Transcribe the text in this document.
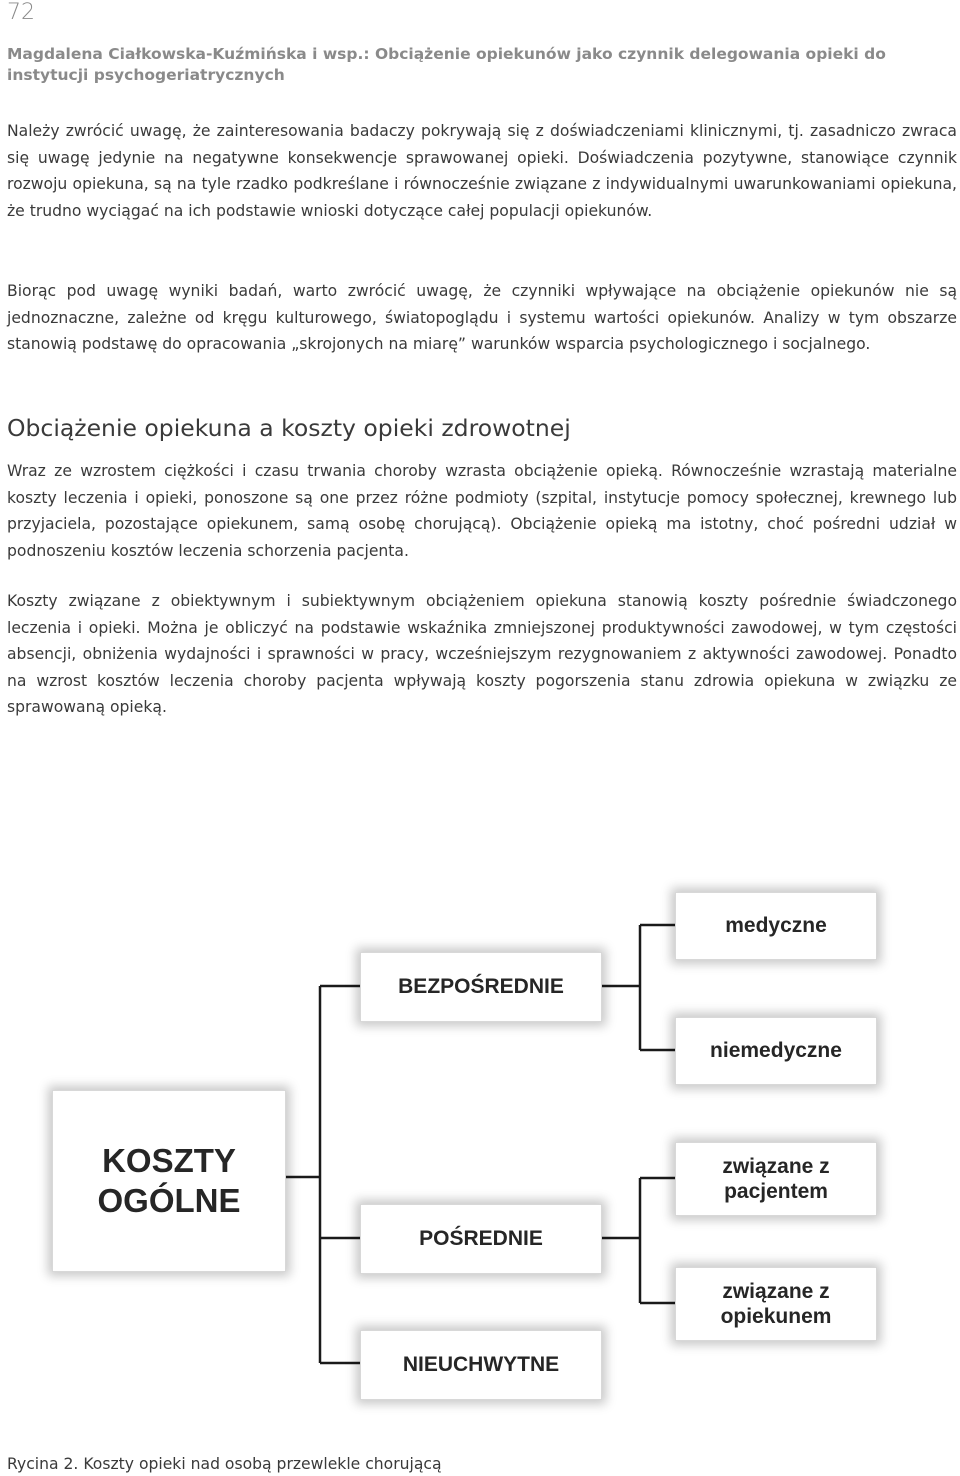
72
Magdalena Ciałkowska-Kuźmińska i wsp.: Obciążenie opiekunów jako czynnik delegowania opieki do instytucji psychogeriatrycznych
Należy zwrócić uwagę, że zainteresowania badaczy pokrywają się z doświadczeniami klinicznymi, tj. zasadniczo zwraca się uwagę jedynie na negatywne konsekwencje sprawowanej opieki. Doświadczenia pozytywne, stanowiące czynnik rozwoju opiekuna, są na tyle rzadko podkreślane i równocześnie związane z indywidualnymi uwarunkowaniami opiekuna, że trudno wyciągać na ich podstawie wnioski dotyczące całej populacji opiekunów.
Biorąc pod uwagę wyniki badań, warto zwrócić uwagę, że czynniki wpływające na obciążenie opiekunów nie są jednoznaczne, zależne od kręgu kulturowego, światopoglądu i systemu wartości opiekunów. Analizy w tym obszarze stanowią podstawę do opracowania „skrojonych na miarę” warunków wsparcia psychologicznego i socjalnego.
Obciążenie opiekuna a koszty opieki zdrowotnej
Wraz ze wzrostem ciężkości i czasu trwania choroby wzrasta obciążenie opieką. Równocześnie wzrastają materialne koszty leczenia i opieki, ponoszone są one przez różne podmioty (szpital, instytucje pomocy społecznej, krewnego lub przyjaciela, pozostające opiekunem, samą osobę chorującą). Obciążenie opieką ma istotny, choć pośredni udział w podnoszeniu kosztów leczenia schorzenia pacjenta.
Koszty związane z obiektywnym i subiektywnym obciążeniem opiekuna stanowią koszty pośrednie świadczonego leczenia i opieki. Można je obliczyć na podstawie wskaźnika zmniejszonej produktywności zawodowej, w tym częstości absencji, obniżenia wydajności i sprawności w pracy, wcześniejszym rezygnowaniem z aktywności zawodowej. Ponadto na wzrost kosztów leczenia choroby pacjenta wpływają koszty pogorszenia stanu zdrowia opiekuna w związku ze sprawowaną opieką.
KOSZTY OGÓLNE
BEZPOŚREDNIE
POŚREDNIE
NIEUCHWYTNE
medyczne
niemedyczne
związane z pacjentem
związane z opiekunem
Rycina 2. Koszty opieki nad osobą przewlekle chorującą
